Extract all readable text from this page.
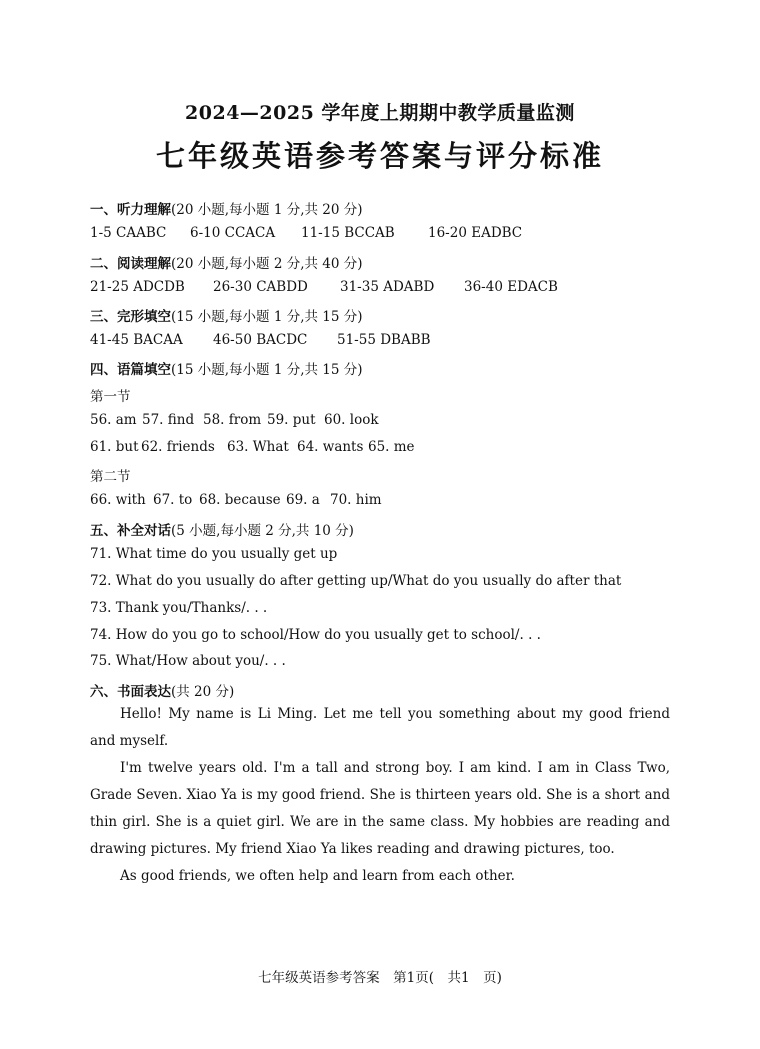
2024—2025 学年度上期期中教学质量监测
七年级英语参考答案与评分标准
一、听力理解(20 小题,每小题 1 分,共 20 分)
1-5 CAABC 6-10 CCACA 11-15 BCCAB 16-20 EADBC
二、阅读理解(20 小题,每小题 2 分,共 40 分)
21-25 ADCDB 26-30 CABDD 31-35 ADABD 36-40 EDACB
三、完形填空(15 小题,每小题 1 分,共 15 分)
41-45 BACAA 46-50 BACDC 51-55 DBABB
四、语篇填空(15 小题,每小题 1 分,共 15 分)
第一节
56. am 57. find 58. from 59. put 60. look
61. but 62. friends 63. What 64. wants 65. me
第二节
66. with 67. to 68. because 69. a 70. him
五、补全对话(5 小题,每小题 2 分,共 10 分)
71. What time do you usually get up
72. What do you usually do after getting up/What do you usually do after that
73. Thank you/Thanks/. . .
74. How do you go to school/How do you usually get to school/. . .
75. What/How about you/. . .
六、书面表达(共 20 分)

Hello! My name is Li Ming. Let me tell you something about my good friend and myself.

I'm twelve years old. I'm a tall and strong boy. I am kind. I am in Class Two, Grade Seven. Xiao Ya is my good friend. She is thirteen years old. She is a short and thin girl. She is a quiet girl. We are in the same class. My hobbies are reading and drawing pictures. My friend Xiao Ya likes reading and drawing pictures, too.

As good friends, we often help and learn from each other.

七年级英语参考答案　第1页(　共1　页)
